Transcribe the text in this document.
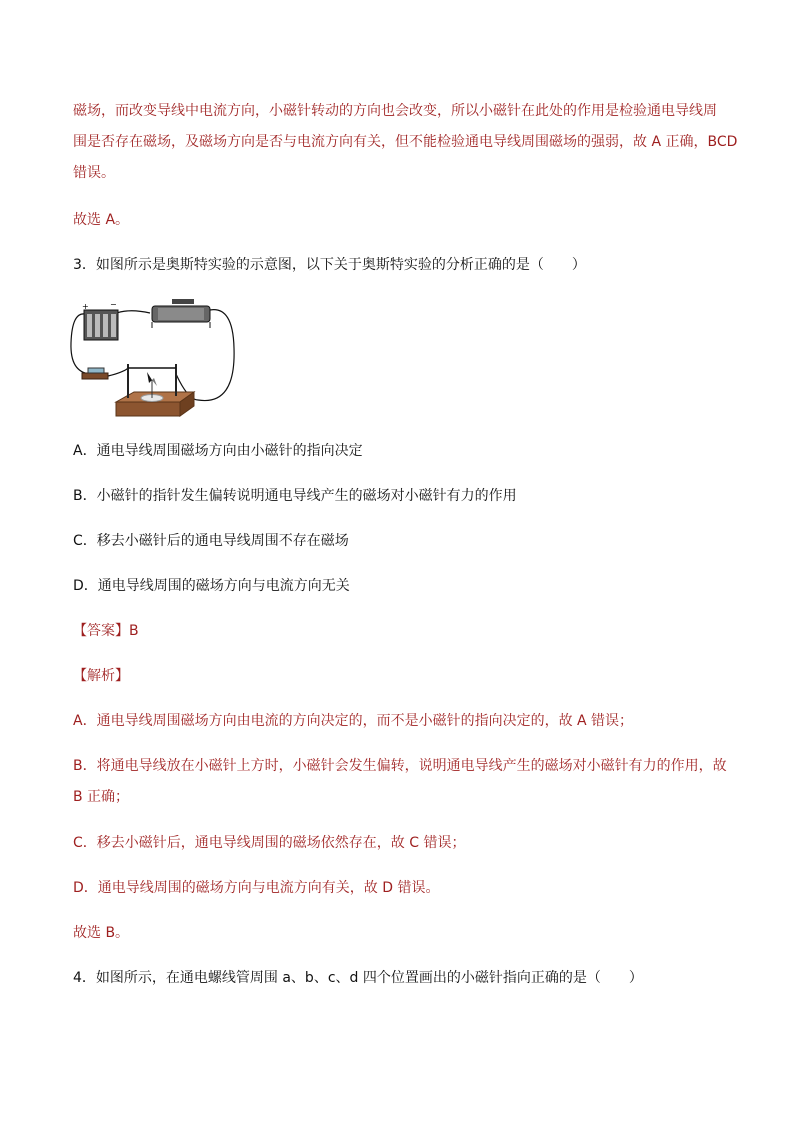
磁场，而改变导线中电流方向，小磁针转动的方向也会改变，所以小磁针在此处的作用是检验通电导线周
围是否存在磁场，及磁场方向是否与电流方向有关，但不能检验通电导线周围磁场的强弱，故 A 正确，BCD
错误。
故选 A。
3．如图所示是奥斯特实验的示意图，以下关于奥斯特实验的分析正确的是（　　）
+	−
A．通电导线周围磁场方向由小磁针的指向决定
B．小磁针的指针发生偏转说明通电导线产生的磁场对小磁针有力的作用
C．移去小磁针后的通电导线周围不存在磁场
D．通电导线周围的磁场方向与电流方向无关
【答案】B
【解析】
A．通电导线周围磁场方向由电流的方向决定的，而不是小磁针的指向决定的，故 A 错误；
B．将通电导线放在小磁针上方时，小磁针会发生偏转，说明通电导线产生的磁场对小磁针有力的作用，故
B 正确；
C．移去小磁针后，通电导线周围的磁场依然存在，故 C 错误；
D．通电导线周围的磁场方向与电流方向有关，故 D 错误。
故选 B。
4．如图所示，在通电螺线管周围 a、b、c、d 四个位置画出的小磁针指向正确的是（　　）
